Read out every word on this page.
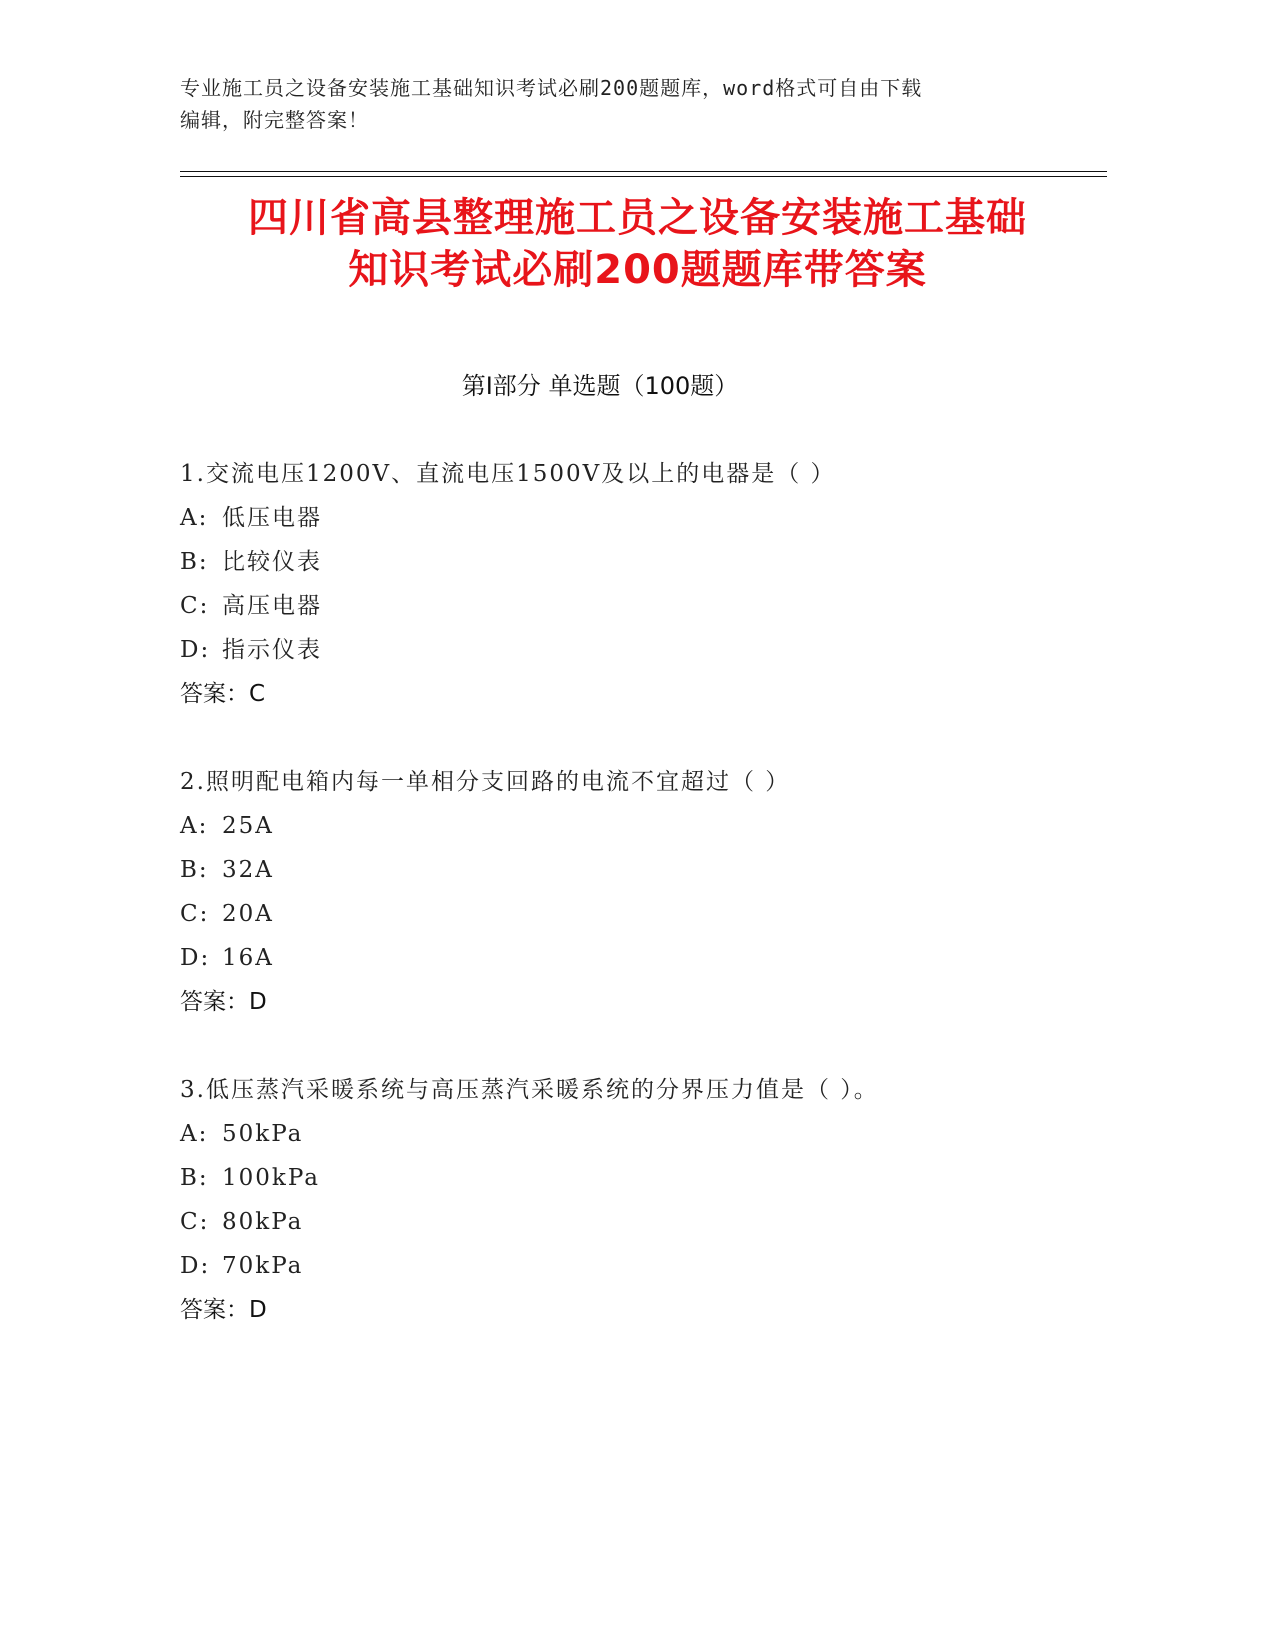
专业施工员之设备安装施工基础知识考试必刷200题题库，word格式可自由下载
编辑，附完整答案！
四川省高县整理施工员之设备安装施工基础
知识考试必刷200题题库带答案
第Ⅰ部分 单选题（100题）
1.交流电压1200V、直流电压1500V及以上的电器是（ ）
A: 低压电器
B: 比较仪表
C: 高压电器
D: 指示仪表
答案：C
2.照明配电箱内每一单相分支回路的电流不宜超过（ ）
A: 25A
B: 32A
C: 20A
D: 16A
答案：D
3.低压蒸汽采暖系统与高压蒸汽采暖系统的分界压力值是（ ）。
A: 50kPa
B: 100kPa
C: 80kPa
D: 70kPa
答案：D
